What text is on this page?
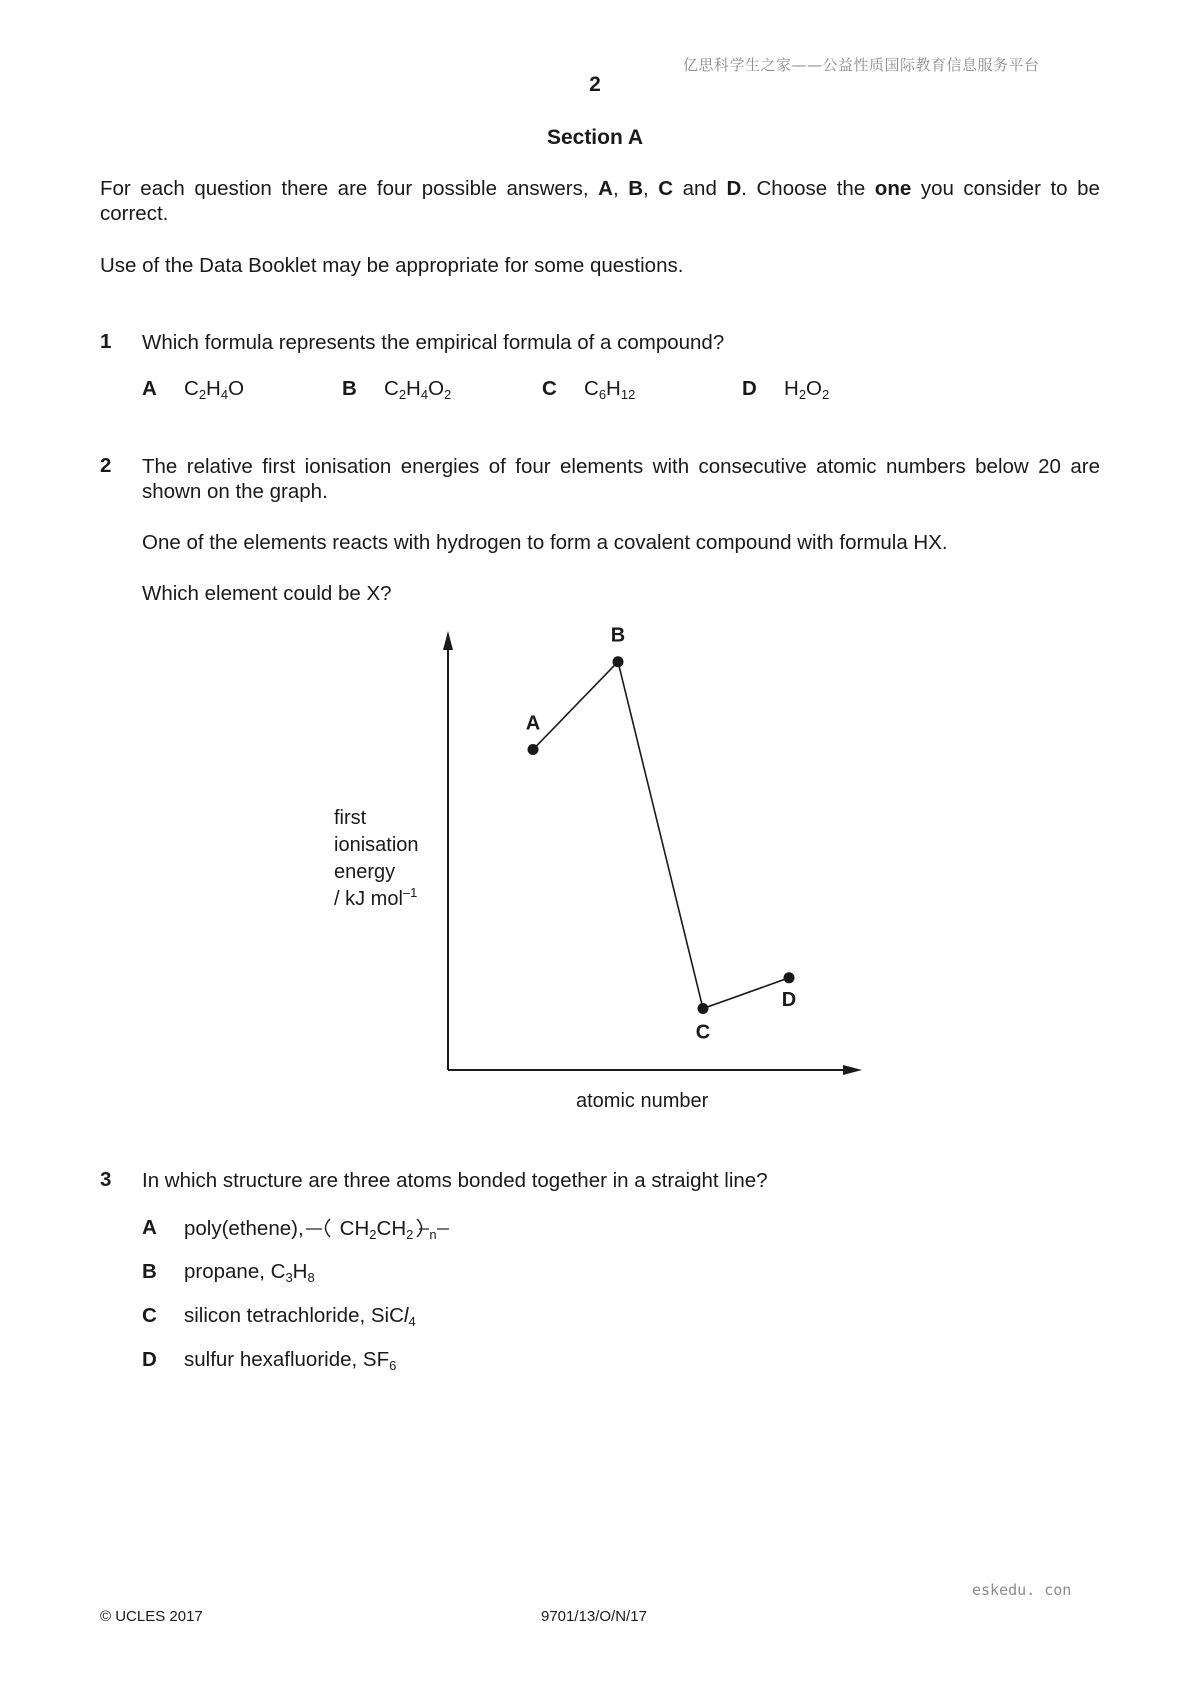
亿思科学生之家——公益性质国际教育信息服务平台
2
Section A
For each question there are four possible answers, A, B, C and D. Choose the one you consider to be correct.
Use of the Data Booklet may be appropriate for some questions.
1 Which formula represents the empirical formula of a compound?
A $C_2H_4O$	B $C_2H_4O_2$	C $C_6H_{12}$	D $H_2O_2$
2 The relative first ionisation energies of four elements with consecutive atomic numbers below 20 are shown on the graph.
One of the elements reacts with hydrogen to form a covalent compound with formula HX.
Which element could be X?
first
ionisation
energy
/ kJ mol$^{-1}$
A
B
C
D
atomic number
3 In which structure are three atoms bonded together in a straight line?
A poly(ethene), $CH_2CH_2$ $_n$
B propane, $C_3H_8$
C silicon tetrachloride, SiCl$_4$
D sulfur hexafluoride, $SF_6$
eskedu. con
© UCLES 2017	9701/13/O/N/17
